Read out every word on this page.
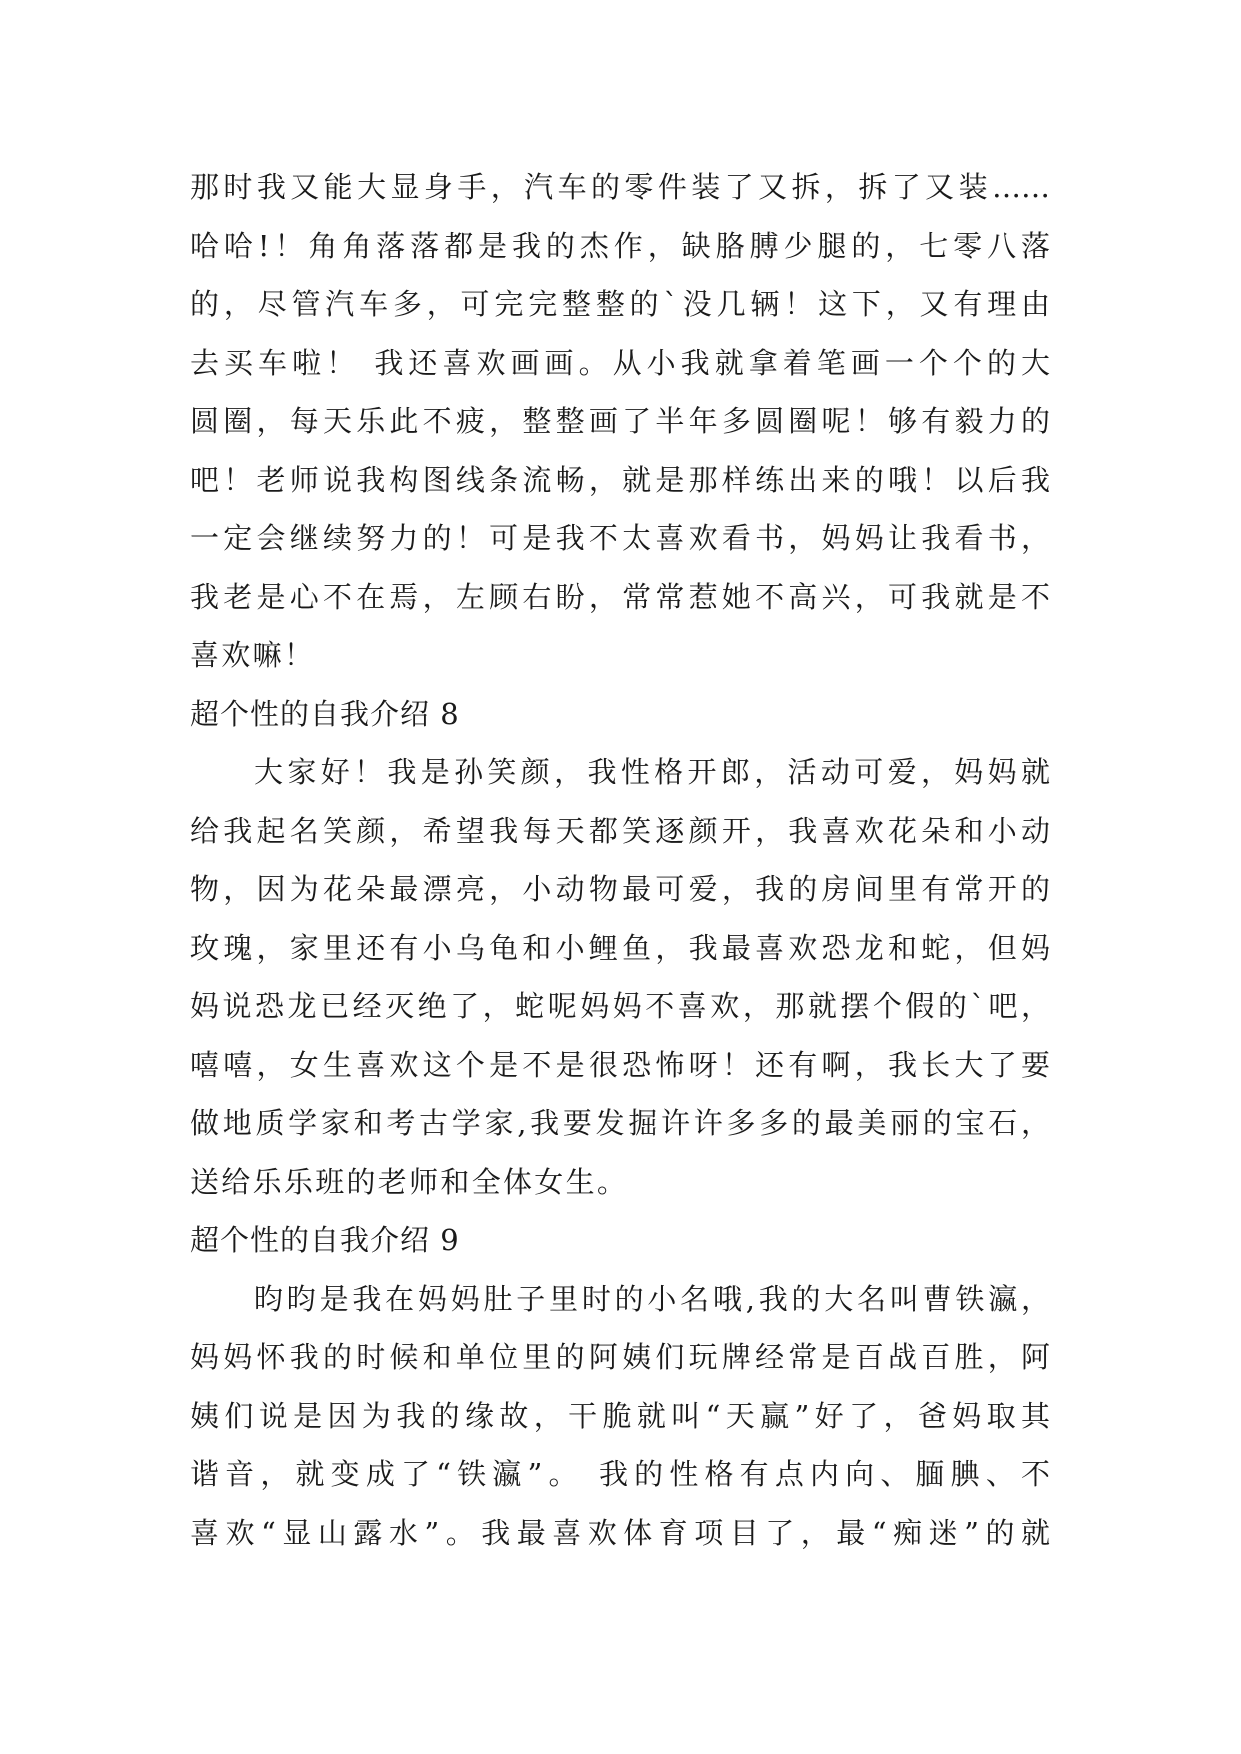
那时我又能大显身手，汽车的零件装了又拆，拆了又装……
哈哈!！角角落落都是我的杰作，缺胳膊少腿的，七零八落
的，尽管汽车多，可完完整整的`没几辆！这下，又有理由
去买车啦！ 我还喜欢画画。从小我就拿着笔画一个个的大
圆圈，每天乐此不疲，整整画了半年多圆圈呢！够有毅力的
吧！老师说我构图线条流畅，就是那样练出来的哦！以后我
一定会继续努力的！可是我不太喜欢看书，妈妈让我看书，
我老是心不在焉，左顾右盼，常常惹她不高兴，可我就是不
喜欢嘛！
超个性的自我介绍 8
大家好！我是孙笑颜，我性格开郎，活动可爱，妈妈就
给我起名笑颜，希望我每天都笑逐颜开，我喜欢花朵和小动
物，因为花朵最漂亮，小动物最可爱，我的房间里有常开的
玫瑰，家里还有小乌龟和小鲤鱼，我最喜欢恐龙和蛇，但妈
妈说恐龙已经灭绝了，蛇呢妈妈不喜欢，那就摆个假的`吧，
嘻嘻，女生喜欢这个是不是很恐怖呀！还有啊，我长大了要
做地质学家和考古学家,我要发掘许许多多的最美丽的宝石，
送给乐乐班的老师和全体女生。
超个性的自我介绍 9
昀昀是我在妈妈肚子里时的小名哦,我的大名叫曹铁瀛，
妈妈怀我的时候和单位里的阿姨们玩牌经常是百战百胜，阿
姨们说是因为我的缘故，干脆就叫“天赢”好了，爸妈取其
谐音，就变成了“铁瀛”。 我的性格有点内向、腼腆、不
喜欢“显山露水”。我最喜欢体育项目了，最“痴迷”的就
